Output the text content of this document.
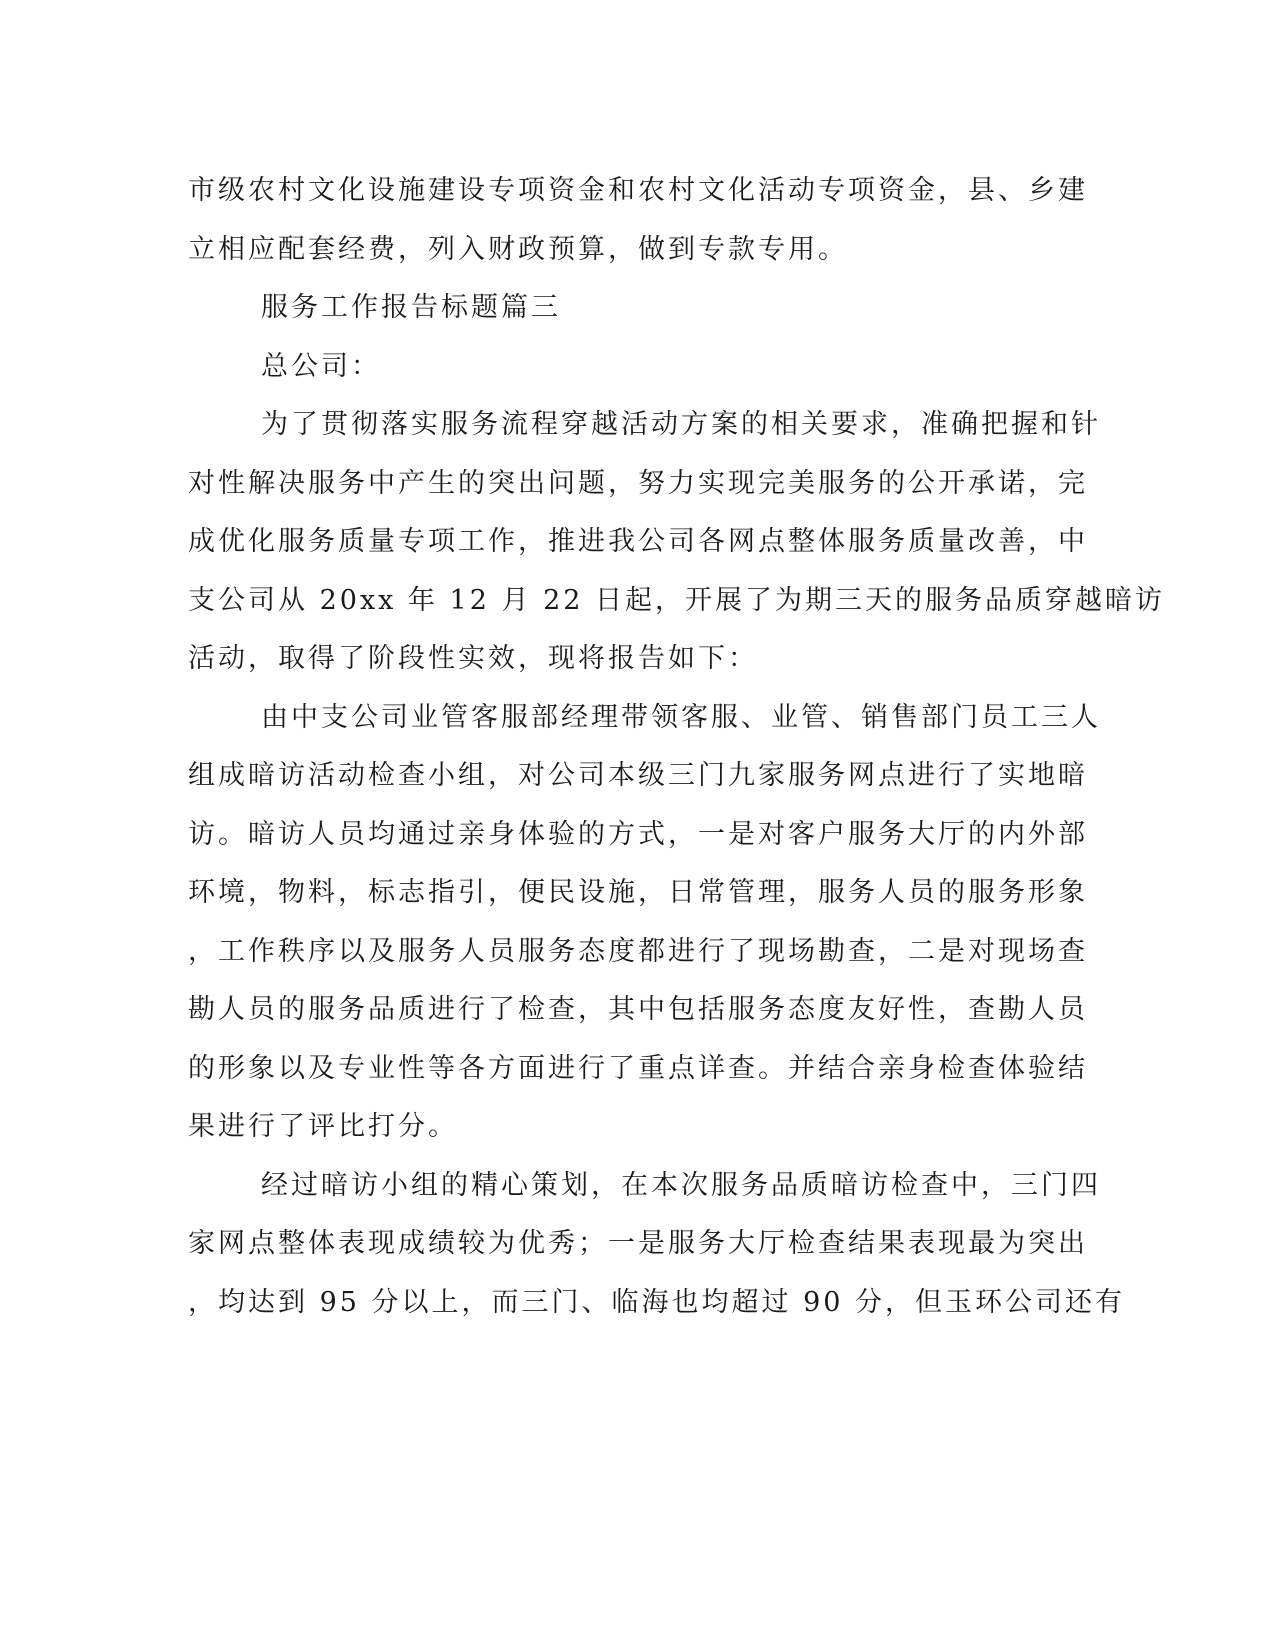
市级农村文化设施建设专项资金和农村文化活动专项资金，县、乡建
立相应配套经费，列入财政预算，做到专款专用。
服务工作报告标题篇三
总公司：
为了贯彻落实服务流程穿越活动方案的相关要求，准确把握和针
对性解决服务中产生的突出问题，努力实现完美服务的公开承诺，完
成优化服务质量专项工作，推进我公司各网点整体服务质量改善，中
支公司从 20xx 年 12 月 22 日起，开展了为期三天的服务品质穿越暗访
活动，取得了阶段性实效，现将报告如下：
由中支公司业管客服部经理带领客服、业管、销售部门员工三人
组成暗访活动检查小组，对公司本级三门九家服务网点进行了实地暗
访。暗访人员均通过亲身体验的方式，一是对客户服务大厅的内外部
环境，物料，标志指引，便民设施，日常管理，服务人员的服务形象
，工作秩序以及服务人员服务态度都进行了现场勘查，二是对现场查
勘人员的服务品质进行了检查，其中包括服务态度友好性，查勘人员
的形象以及专业性等各方面进行了重点详查。并结合亲身检查体验结
果进行了评比打分。
经过暗访小组的精心策划，在本次服务品质暗访检查中，三门四
家网点整体表现成绩较为优秀；一是服务大厅检查结果表现最为突出
，均达到 95 分以上，而三门、临海也均超过 90 分，但玉环公司还有
